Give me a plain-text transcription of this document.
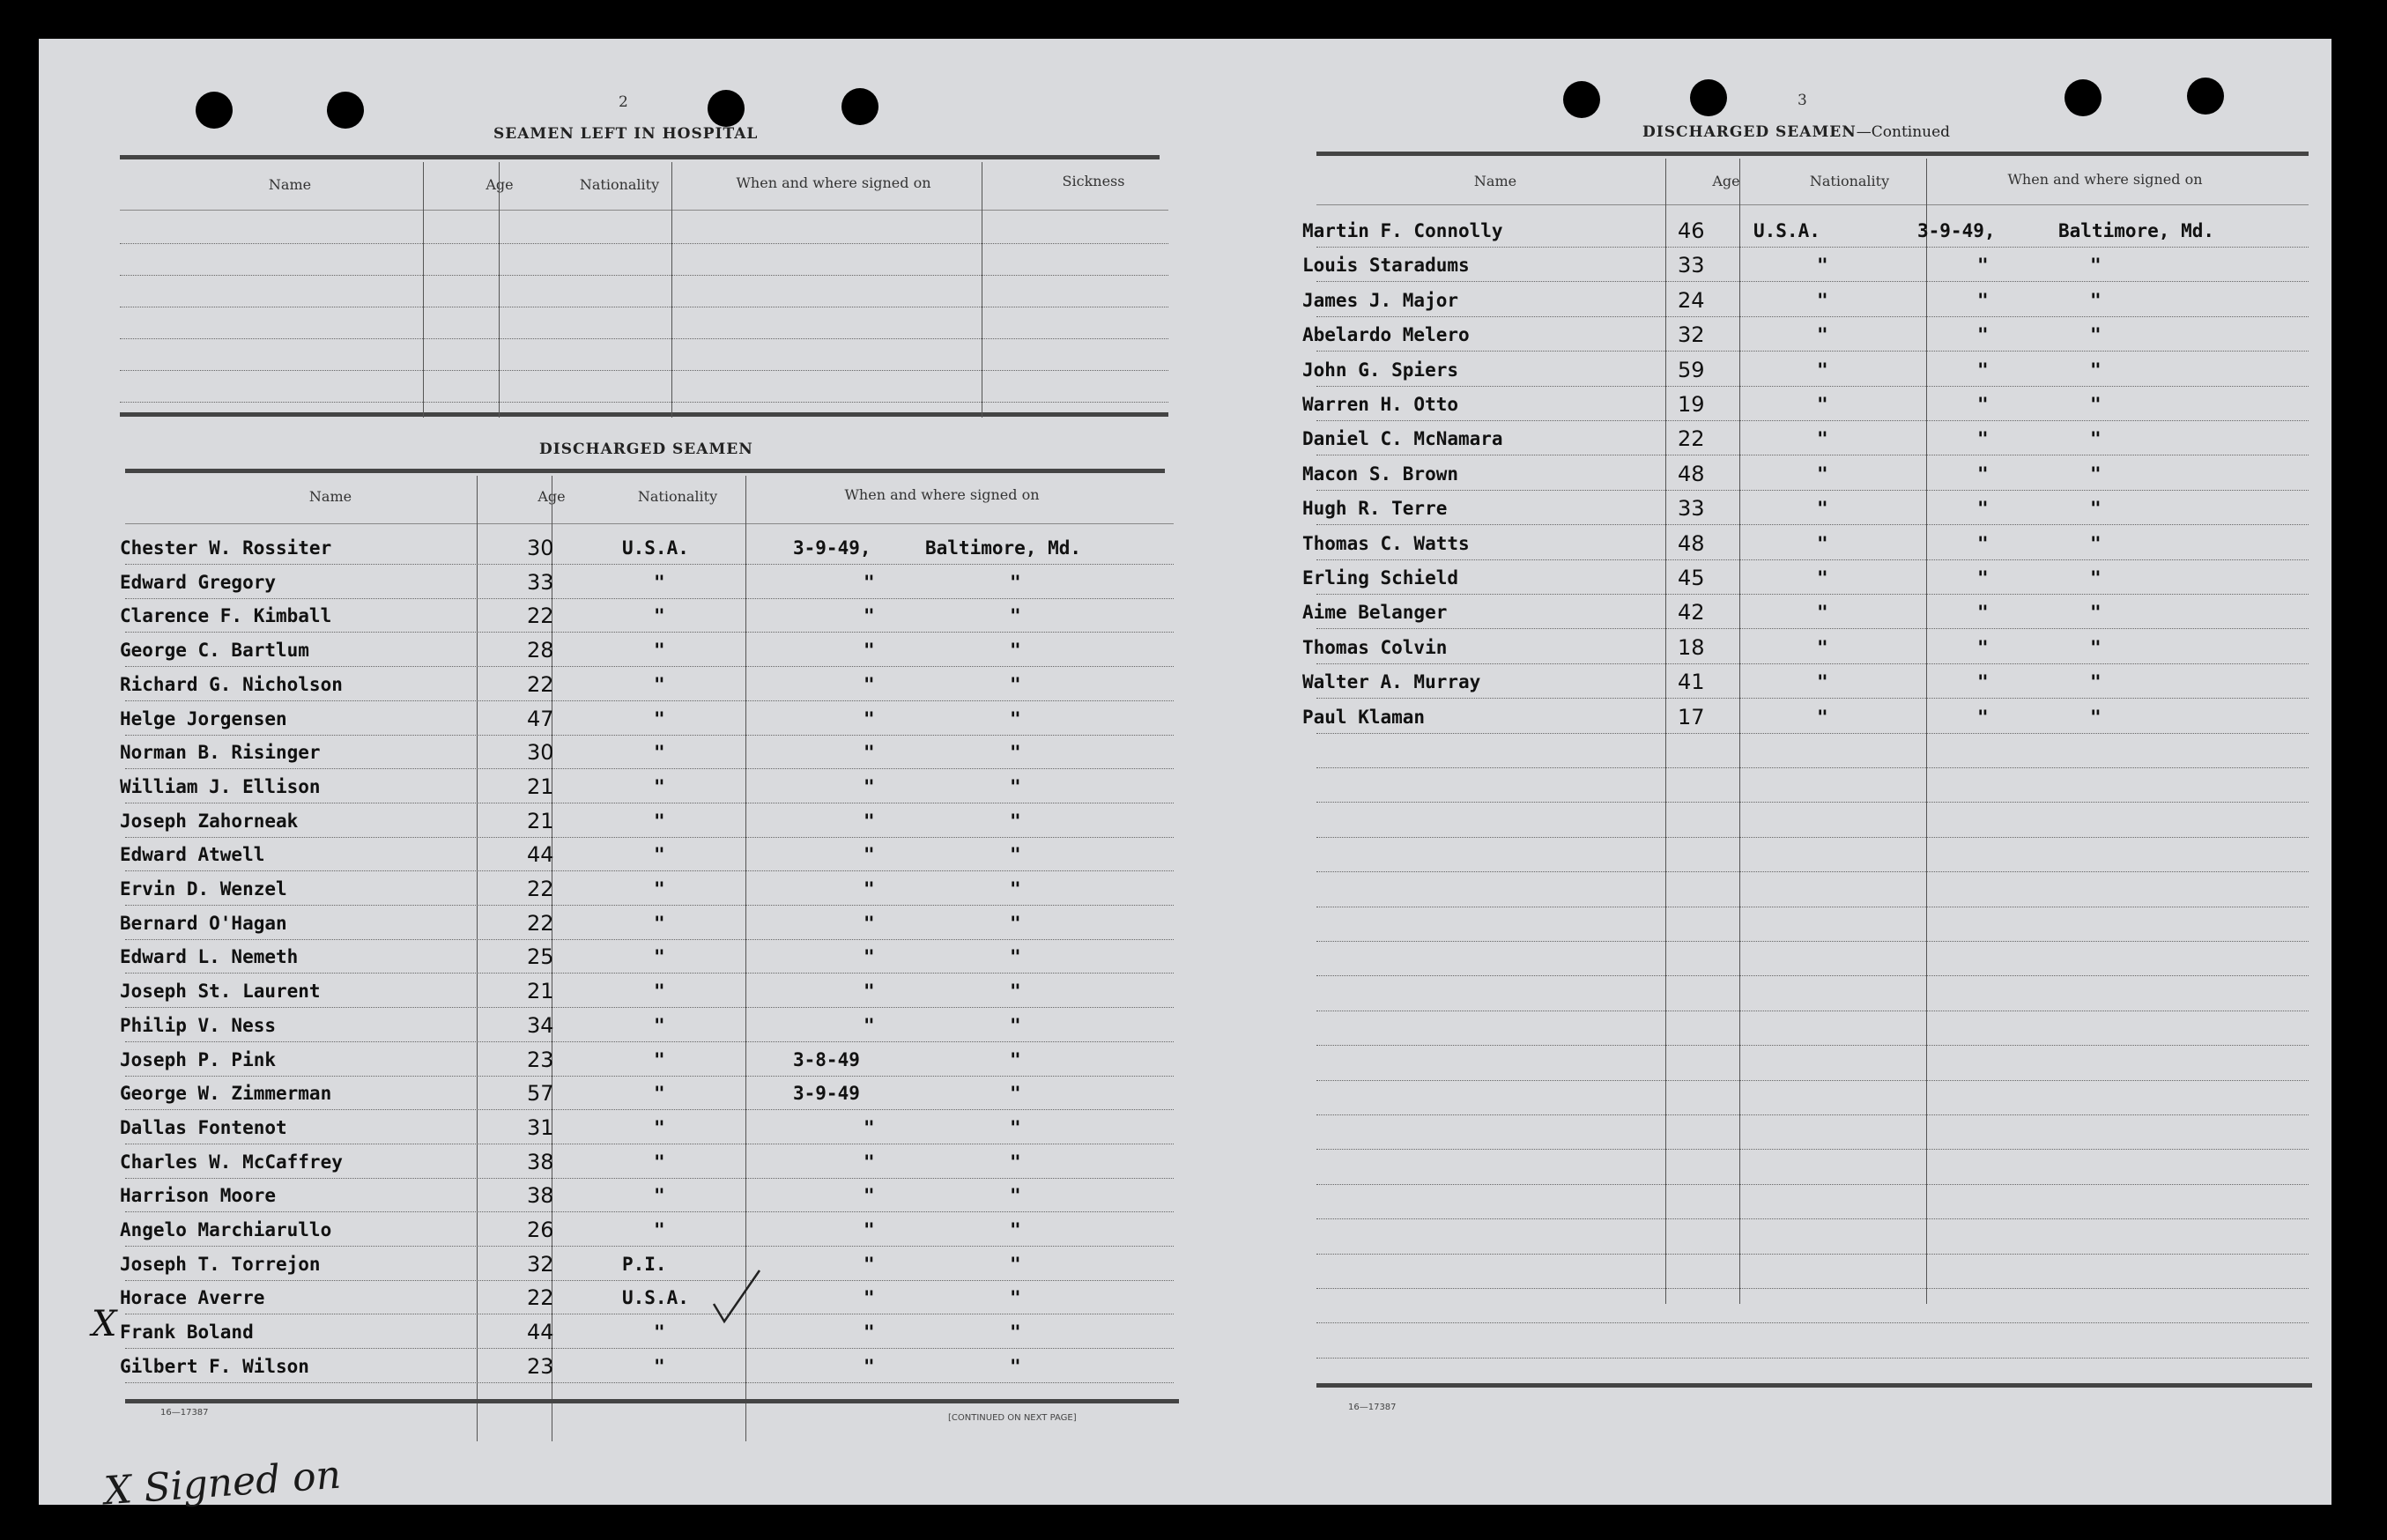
2
SEAMEN LEFT IN HOSPITAL
Name	Age	Nationality	When and where signed on	Sickness
DISCHARGED SEAMEN
Name	Age	Nationality	When and where signed on
Chester W. Rossiter	30	U.S.A.	3-9-49,	Baltimore, Md.
Edward Gregory	33	"	"	"
Clarence F. Kimball	22	"	"	"
George C. Bartlum	28	"	"	"
Richard G. Nicholson	22	"	"	"
Helge Jorgensen	47	"	"	"
Norman B. Risinger	30	"	"	"
William J. Ellison	21	"	"	"
Joseph Zahorneak	21	"	"	"
Edward Atwell	44	"	"	"
Ervin D. Wenzel	22	"	"	"
Bernard O'Hagan	22	"	"	"
Edward L. Nemeth	25	"	"	"
Joseph St. Laurent	21	"	"	"
Philip V. Ness	34	"	"	"
Joseph P. Pink	23	"	3-8-49	"
George W. Zimmerman	57	"	3-9-49	"
Dallas Fontenot	31	"	"	"
Charles W. McCaffrey	38	"	"	"
Harrison Moore	38	"	"	"
Angelo Marchiarullo	26	"	"	"
Joseph T. Torrejon	32	P.I.	"	"
Horace Averre	22	U.S.A.	"	"
Frank Boland	44	"	"	"
Gilbert F. Wilson	23	"	"	"
X
X Signed on
16—17387
[CONTINUED ON NEXT PAGE]
3
DISCHARGED SEAMEN—Continued
Name	Age	Nationality	When and where signed on
Martin F. Connolly	46	U.S.A.	3-9-49,	Baltimore, Md.
Louis Staradums	33	"	"	"
James J. Major	24	"	"	"
Abelardo Melero	32	"	"	"
John G. Spiers	59	"	"	"
Warren H. Otto	19	"	"	"
Daniel C. McNamara	22	"	"	"
Macon S. Brown	48	"	"	"
Hugh R. Terre	33	"	"	"
Thomas C. Watts	48	"	"	"
Erling Schield	45	"	"	"
Aime Belanger	42	"	"	"
Thomas Colvin	18	"	"	"
Walter A. Murray	41	"	"	"
Paul Klaman	17	"	"	"
16—17387
